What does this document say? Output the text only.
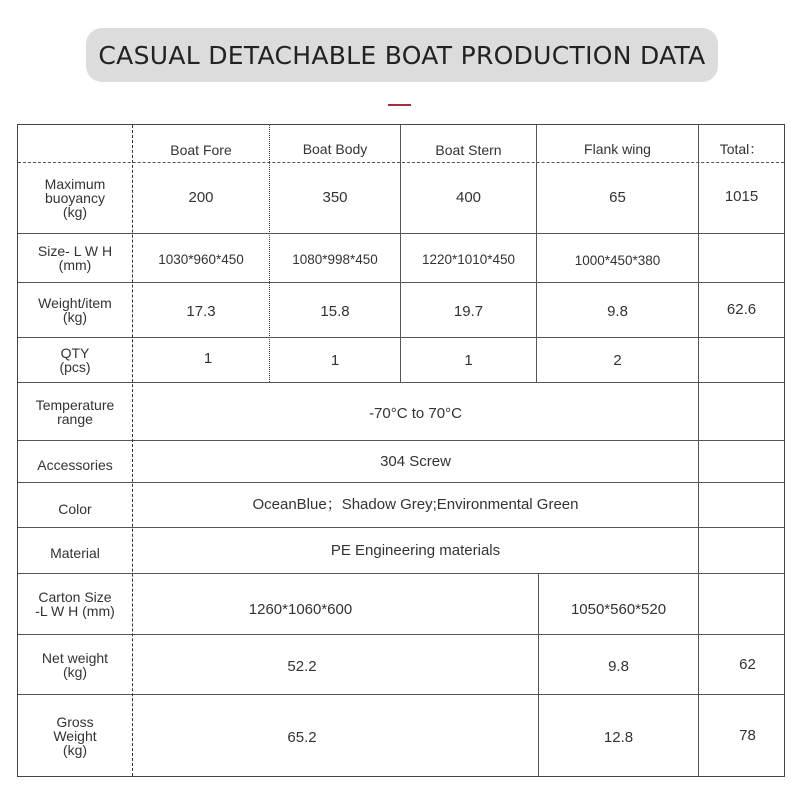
CASUAL DETACHABLE BOAT PRODUCTION DATA
Boat Fore	Boat Body	Boat Stern	Flank wing	Total：
Maximum
buoyancy
(kg)
200	350	400	65	1015
Size- L W H
(mm)	1030*960*450	1080*998*450	1220*1010*450	1000*450*380
Weight/item
(kg)	17.3	15.8	19.7	9.8	62.6
QTY
(pcs)	1	1	1	2
Temperature
range	-70°C to 70°C
Accessories	304 Screw
Color	OceanBlue；Shadow Grey;Environmental Green
Material	PE Engineering materials
Carton Size
-L W H (mm)	1260*1060*600	1050*560*520
Net weight
(kg)	52.2	9.8	62
Gross
Weight
(kg)
65.2	12.8	78
